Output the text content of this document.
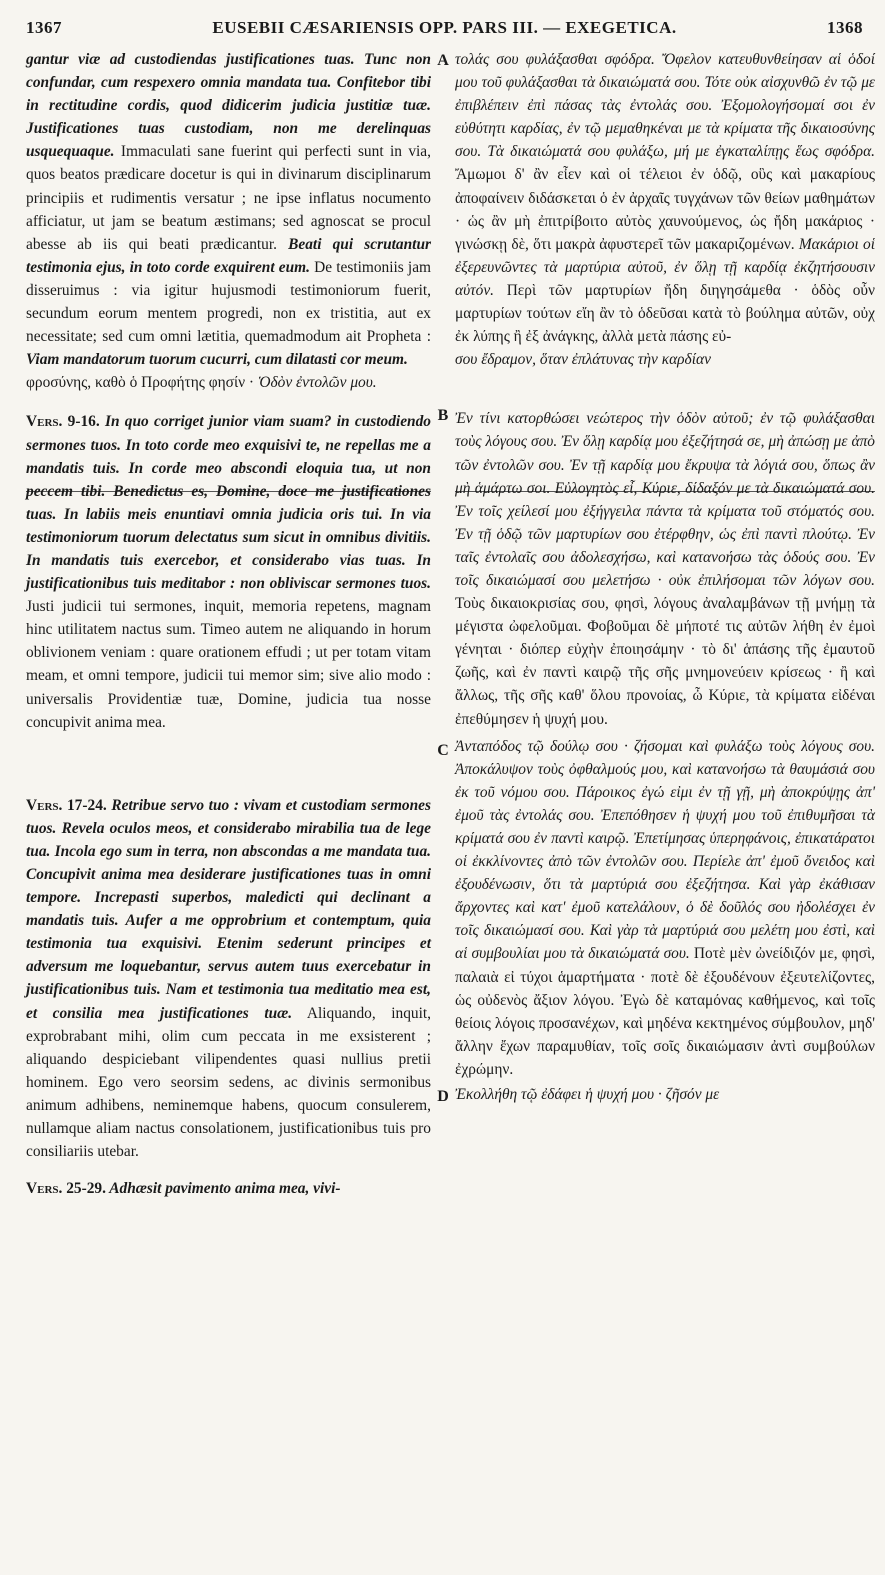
1367	EUSEBII CÆSARIENSIS OPP. PARS III. — EXEGETICA.	1368
A
B
C
D

gantur viæ ad custodiendas justificationes tuas. Tunc non confundar, cum respexero omnia mandata tua. Confitebor tibi in rectitudine cordis, quod didicerim judicia justitiæ tuæ. Justificationes tuas custodiam, non me derelinquas usquequaque. Immaculati sane fuerint qui perfecti sunt in via, quos beatos prædicare docetur is qui in divinarum disciplinarum principiis et rudimentis versatur ; ne ipse inflatus nocumento afficiatur, ut jam se beatum æstimans; sed agnoscat se procul abesse ab iis qui beati prædicantur. Beati qui scrutantur testimonia ejus, in toto corde exquirent eum. De testimoniis jam disseruimus : via igitur hujusmodi testimoniorum fuerit, secundum eorum mentem progredi, non ex tristitia, aut ex necessitate; sed cum omni lætitia, quemadmodum ait Propheta : Viam mandatorum tuorum cucurri, cum dilatasti cor meum.

φροσύνης, καθὸ ὁ Προφήτης φησίν · Ὁδὸν ἐντολῶν μου.

Vers. 9-16. In quo corriget junior viam suam? in custodiendo sermones tuos. In toto corde meo exquisivi te, ne repellas me a mandatis tuis. In corde meo abscondi eloquia tua, ut non peccem tibi. Benedictus es, Domine, doce me justificationes tuas. In labiis meis enuntiavi omnia judicia oris tui. In via testimoniorum tuorum delectatus sum sicut in omnibus divitiis. In mandatis tuis exercebor, et considerabo vias tuas. In justificationibus tuis meditabor : non obliviscar sermones tuos. Justi judicii tui sermones, inquit, memoria repetens, magnam hinc utilitatem nactus sum. Timeo autem ne aliquando in horum oblivionem veniam : quare orationem effudi ; ut per totam vitam meam, et omni tempore, judicii tui memor sim; sive alio modo : universalis Providentiæ tuæ, Domine, judicia tua nosse concupivit anima mea.

Vers. 17-24. Retribue servo tuo : vivam et custodiam sermones tuos. Revela oculos meos, et considerabo mirabilia tua de lege tua. Incola ego sum in terra, non abscondas a me mandata tua. Concupivit anima mea desiderare justificationes tuas in omni tempore. Increpasti superbos, maledicti qui declinant a mandatis tuis. Aufer a me opprobrium et contemptum, quia testimonia tua exquisivi. Etenim sederunt principes et adversum me loquebantur, servus autem tuus exercebatur in justificationibus tuis. Nam et testimonia tua meditatio mea est, et consilia mea justificationes tuæ. Aliquando, inquit, exprobrabant mihi, olim cum peccata in me exsisterent ; aliquando despiciebant vilipendentes quasi nullius pretii hominem. Ego vero seorsim sedens, ac divinis sermonibus animum adhibens, neminemque habens, quocum consulerem, nullamque aliam nactus consolationem, justificationibus tuis pro consiliariis utebar.

Vers. 25-29. Adhæsit pavimento anima mea, vivi-

τολάς σου φυλάξασθαι σφόδρα. Ὄφελον κατευθυνθείησαν αἱ ὁδοί μου τοῦ φυλάξασθαι τὰ δικαιώματά σου. Τότε οὐκ αἰσχυνθῶ ἐν τῷ με ἐπιβλέπειν ἐπὶ πάσας τὰς ἐντολάς σου. Ἐξομολογήσομαί σοι ἐν εὐθύτητι καρδίας, ἐν τῷ μεμαθηκέναι με τὰ κρίματα τῆς δικαιοσύνης σου. Τὰ δικαιώματά σου φυλάξω, μή με ἐγκαταλίπῃς ἕως σφόδρα. Ἄμωμοι δ' ἂν εἶεν καὶ οἱ τέλειοι ἐν ὁδῷ, οὓς καὶ μακαρίους ἀποφαίνειν διδάσκεται ὁ ἐν ἀρχαῖς τυγχάνων τῶν θείων μαθημάτων · ὡς ἂν μὴ ἐπιτρίβοιτο αὐτὸς χαυνούμενος, ὡς ἤδη μακάριος · γινώσκῃ δὲ, ὅτι μακρὰ ἀφυστερεῖ τῶν μακαριζομένων. Μακάριοι οἱ ἐξερευνῶντες τὰ μαρτύρια αὐτοῦ, ἐν ὅλῃ τῇ καρδίᾳ ἐκζητήσουσιν αὐτόν. Περὶ τῶν μαρτυρίων ἤδη διηγησάμεθα · ὁδὸς οὖν μαρτυρίων τούτων εἴη ἂν τὸ ὁδεῦσαι κατὰ τὸ βούλημα αὐτῶν, οὐχ ἐκ λύπης ἢ ἐξ ἀνάγκης, ἀλλὰ μετὰ πάσης εὐ-

σου ἔδραμον, ὅταν ἐπλάτυνας τὴν καρδίαν

Ἐν τίνι κατορθώσει νεώτερος τὴν ὁδὸν αὐτοῦ; ἐν τῷ φυλάξασθαι τοὺς λόγους σου. Ἐν ὅλῃ καρδίᾳ μου ἐξεζήτησά σε, μὴ ἀπώσῃ με ἀπὸ τῶν ἐντολῶν σου. Ἐν τῇ καρδίᾳ μου ἔκρυψα τὰ λόγιά σου, ὅπως ἂν μὴ ἁμάρτω σοι. Εὐλογητὸς εἶ, Κύριε, δίδαξόν με τὰ δικαιώματά σου. Ἐν τοῖς χείλεσί μου ἐξήγγειλα πάντα τὰ κρίματα τοῦ στόματός σου. Ἐν τῇ ὁδῷ τῶν μαρτυρίων σου ἐτέρφθην, ὡς ἐπὶ παντὶ πλούτῳ. Ἐν ταῖς ἐντολαῖς σου ἀδολεσχήσω, καὶ κατανοήσω τὰς ὁδούς σου. Ἐν τοῖς δικαιώμασί σου μελετήσω · οὐκ ἐπιλήσομαι τῶν λόγων σου. Τοὺς δικαιοκρισίας σου, φησὶ, λόγους ἀναλαμβάνων τῇ μνήμῃ τὰ μέγιστα ὠφελοῦμαι. Φοβοῦμαι δὲ μήποτέ τις αὐτῶν λήθη ἐν ἐμοὶ γένηται · διόπερ εὐχὴν ἐποιησάμην · τὸ δι' ἁπάσης τῆς ἐμαυτοῦ ζωῆς, καὶ ἐν παντὶ καιρῷ τῆς σῆς μνημονεύειν κρίσεως · ἢ καὶ ἄλλως, τῆς σῆς καθ' ὅλου προνοίας, ὦ Κύριε, τὰ κρίματα εἰδέναι ἐπεθύμησεν ἡ ψυχή μου.

Ἀνταπόδος τῷ δούλῳ σου · ζήσομαι καὶ φυλάξω τοὺς λόγους σου. Ἀποκάλυψον τοὺς ὀφθαλμούς μου, καὶ κατανοήσω τὰ θαυμάσιά σου ἐκ τοῦ νόμου σου. Πάροικος ἐγώ εἰμι ἐν τῇ γῇ, μὴ ἀποκρύψῃς ἀπ' ἐμοῦ τὰς ἐντολάς σου. Ἐπεπόθησεν ἡ ψυχή μου τοῦ ἐπιθυμῆσαι τὰ κρίματά σου ἐν παντὶ καιρῷ. Ἐπετίμησας ὑπερηφάνοις, ἐπικατάρατοι οἱ ἐκκλίνοντες ἀπὸ τῶν ἐντολῶν σου. Περίελε ἀπ' ἐμοῦ ὄνειδος καὶ ἐξουδένωσιν, ὅτι τὰ μαρτύριά σου ἐξεζήτησα. Καὶ γὰρ ἐκάθισαν ἄρχοντες καὶ κατ' ἐμοῦ κατελάλουν, ὁ δὲ δοῦλός σου ἠδολέσχει ἐν τοῖς δικαιώμασί σου. Καὶ γὰρ τὰ μαρτύριά σου μελέτη μου ἐστὶ, καὶ αἱ συμβουλίαι μου τὰ δικαιώματά σου. Ποτὲ μὲν ὠνείδιζόν με, φησὶ, παλαιὰ εἰ τύχοι ἁμαρτήματα · ποτὲ δὲ ἐξουδένουν ἐξευτελίζοντες, ὡς οὐδενὸς ἄξιον λόγου. Ἐγὼ δὲ καταμόνας καθήμενος, καὶ τοῖς θείοις λόγοις προσανέχων, καὶ μηδένα κεκτημένος σύμβουλον, μηδ' ἄλλην ἔχων παραμυθίαν, τοῖς σοῖς δικαιώμασιν ἀντὶ συμβούλων ἐχρώμην.

Ἐκολλήθη τῷ ἐδάφει ἡ ψυχή μου · ζῆσόν με
